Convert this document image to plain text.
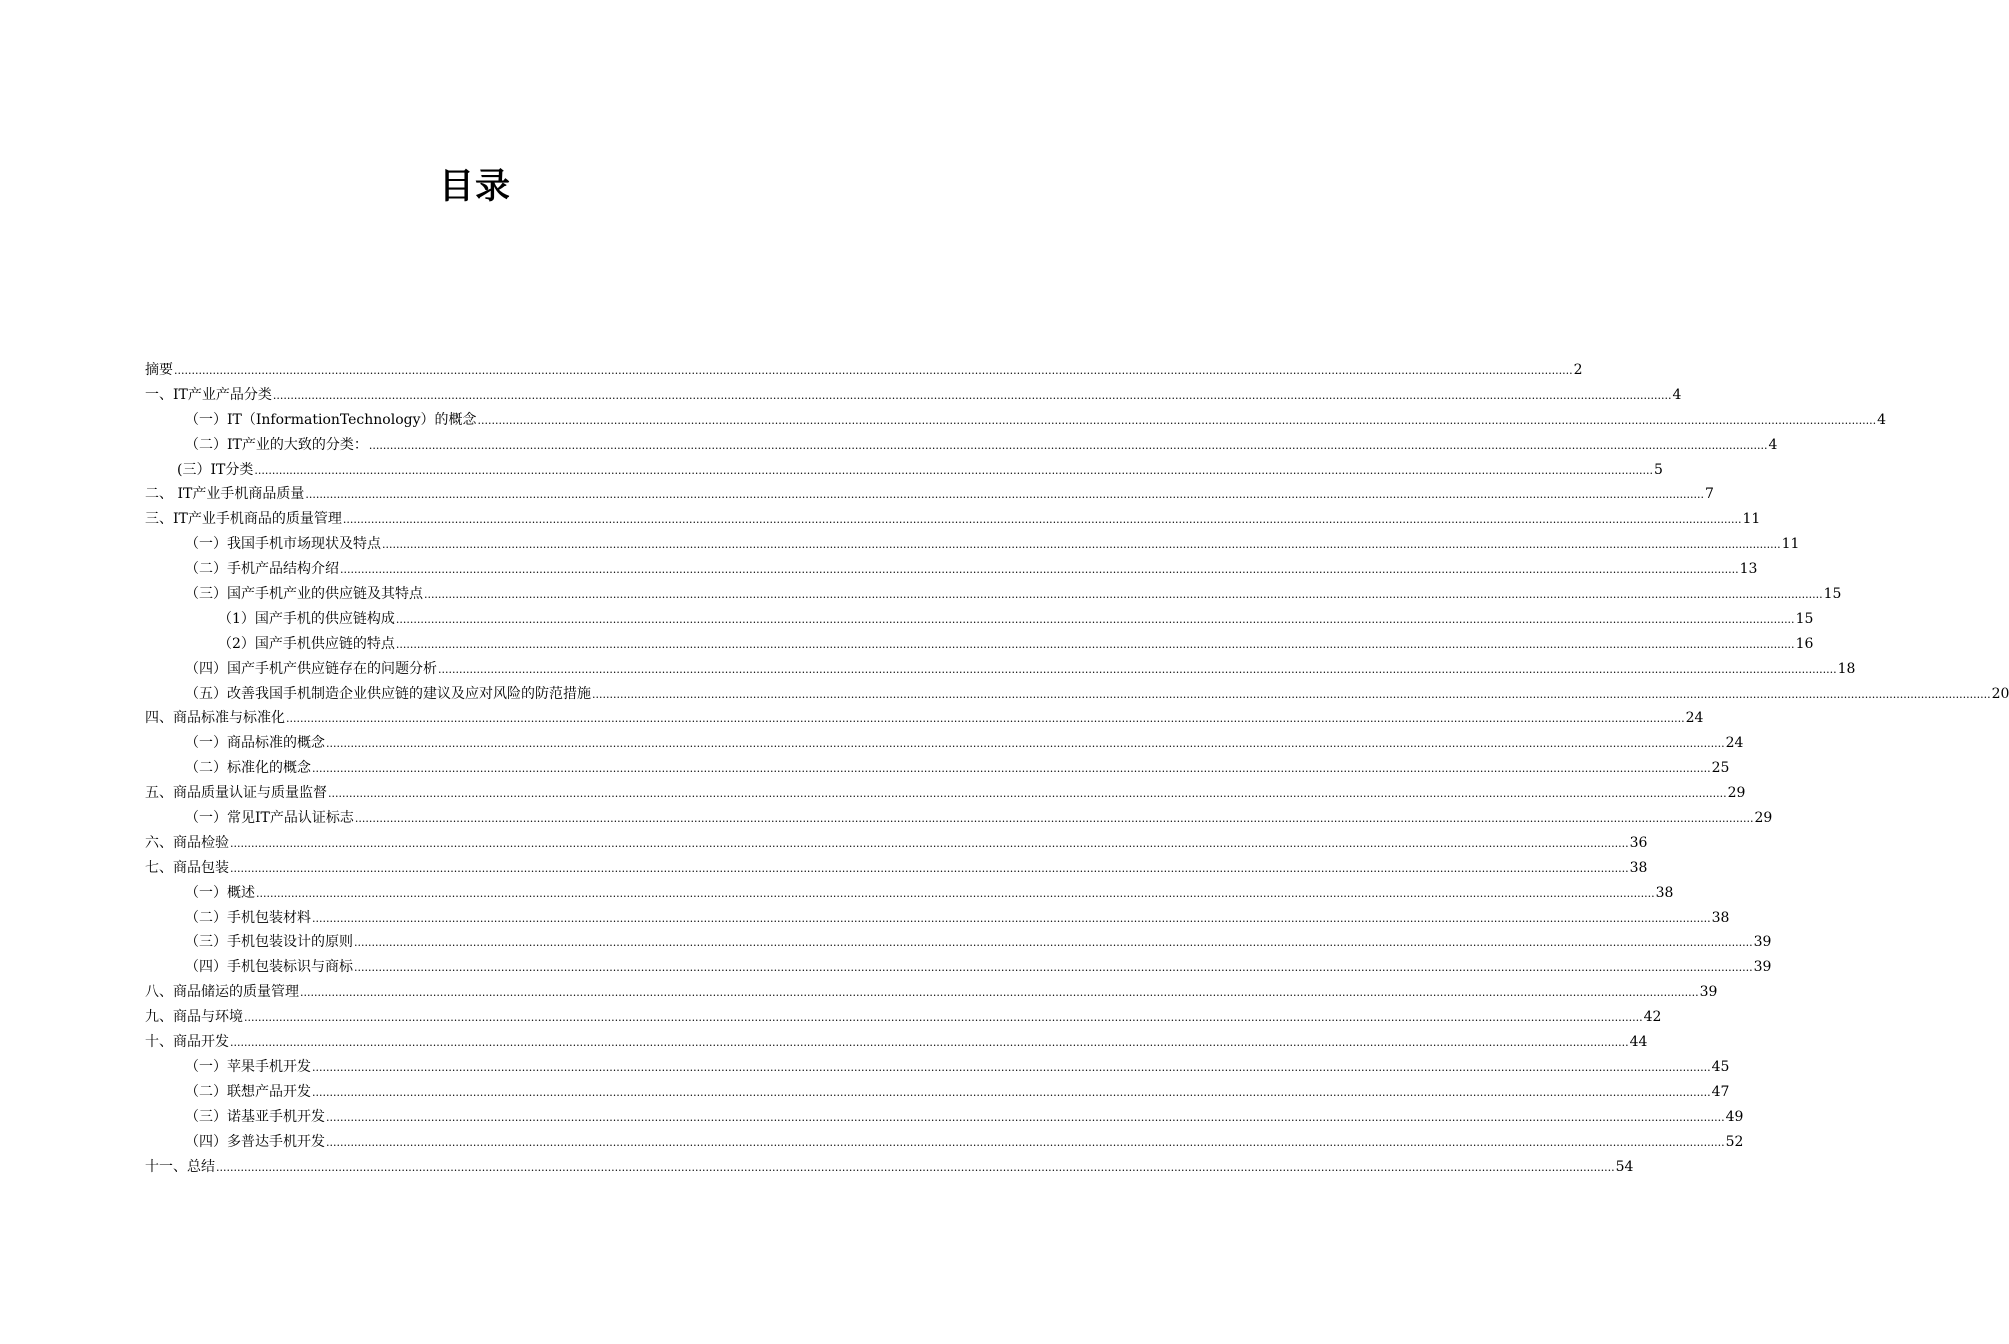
目录
摘要 ................................................................................................................................................................................................................................................................................................................................................................................................................ 2
一、IT产业产品分类 ................................................................................................................................................................................................................................................................................................................................................................................................................ 4
（一）IT（InformationTechnology）的概念 ................................................................................................................................................................................................................................................................................................................................................................................................................ 4
（二）IT产业的大致的分类： ................................................................................................................................................................................................................................................................................................................................................................................................................ 4
(三）IT分类 ................................................................................................................................................................................................................................................................................................................................................................................................................ 5
二、 IT产业手机商品质量 ................................................................................................................................................................................................................................................................................................................................................................................................................ 7
三、IT产业手机商品的质量管理 ................................................................................................................................................................................................................................................................................................................................................................................................................ 11
（一）我国手机市场现状及特点 ................................................................................................................................................................................................................................................................................................................................................................................................................ 11
（二）手机产品结构介绍 ................................................................................................................................................................................................................................................................................................................................................................................................................ 13
（三）国产手机产业的供应链及其特点 ................................................................................................................................................................................................................................................................................................................................................................................................................ 15
（1）国产手机的供应链构成 ................................................................................................................................................................................................................................................................................................................................................................................................................ 15
（2）国产手机供应链的特点 ................................................................................................................................................................................................................................................................................................................................................................................................................ 16
（四）国产手机产供应链存在的问题分析 ................................................................................................................................................................................................................................................................................................................................................................................................................ 18
（五）改善我国手机制造企业供应链的建议及应对风险的防范措施 ................................................................................................................................................................................................................................................................................................................................................................................................................ 20
四、商品标准与标准化 ................................................................................................................................................................................................................................................................................................................................................................................................................ 24
（一）商品标准的概念 ................................................................................................................................................................................................................................................................................................................................................................................................................ 24
（二）标准化的概念 ................................................................................................................................................................................................................................................................................................................................................................................................................ 25
五、商品质量认证与质量监督 ................................................................................................................................................................................................................................................................................................................................................................................................................ 29
（一）常见IT产品认证标志 ................................................................................................................................................................................................................................................................................................................................................................................................................ 29
六、商品检验 ................................................................................................................................................................................................................................................................................................................................................................................................................ 36
七、商品包装 ................................................................................................................................................................................................................................................................................................................................................................................................................ 38
（一）概述 ................................................................................................................................................................................................................................................................................................................................................................................................................ 38
（二）手机包装材料 ................................................................................................................................................................................................................................................................................................................................................................................................................ 38
（三）手机包装设计的原则 ................................................................................................................................................................................................................................................................................................................................................................................................................ 39
（四）手机包装标识与商标 ................................................................................................................................................................................................................................................................................................................................................................................................................ 39
八、商品储运的质量管理 ................................................................................................................................................................................................................................................................................................................................................................................................................ 39
九、商品与环境 ................................................................................................................................................................................................................................................................................................................................................................................................................ 42
十、商品开发 ................................................................................................................................................................................................................................................................................................................................................................................................................ 44
（一）苹果手机开发 ................................................................................................................................................................................................................................................................................................................................................................................................................ 45
（二）联想产品开发 ................................................................................................................................................................................................................................................................................................................................................................................................................ 47
（三）诺基亚手机开发 ................................................................................................................................................................................................................................................................................................................................................................................................................ 49
（四）多普达手机开发 ................................................................................................................................................................................................................................................................................................................................................................................................................ 52
十一、总结 ................................................................................................................................................................................................................................................................................................................................................................................................................ 54
